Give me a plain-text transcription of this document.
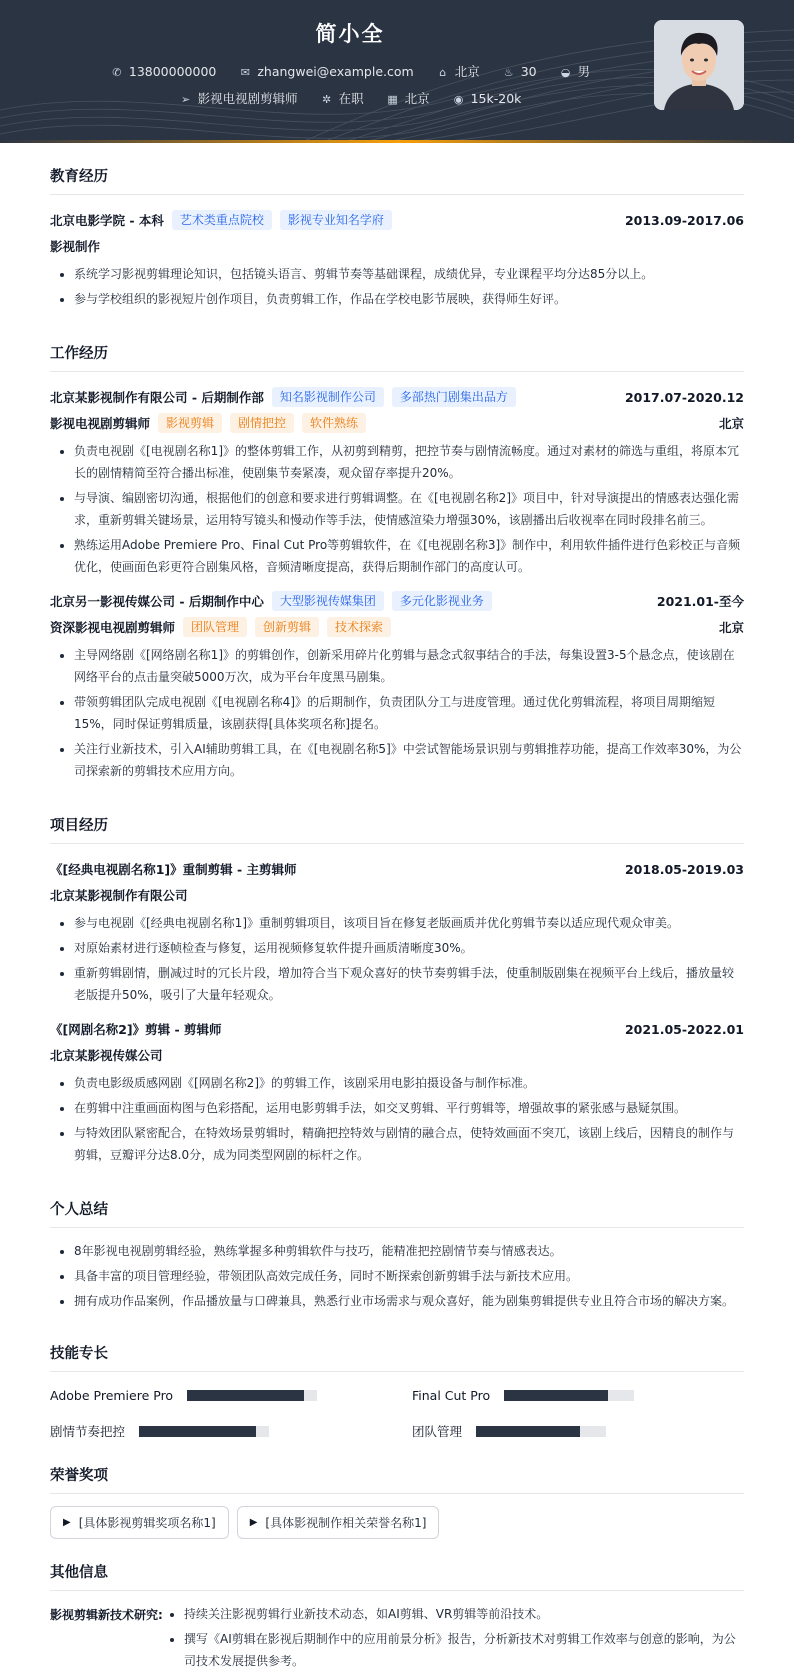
简小全
✆ 13800000000 ✉ zhangwei@example.com ⌂ 北京 ♨ 30 ◒ 男
➢ 影视电视剧剪辑师 ✲ 在职 ▦ 北京 ◉ 15k-20k
教育经历
北京电影学院 - 本科	艺术类重点院校	影视专业知名学府	2013.09-2017.06
影视制作
• 系统学习影视剪辑理论知识，包括镜头语言、剪辑节奏等基础课程，成绩优异，专业课程平均分达85分以上。
• 参与学校组织的影视短片创作项目，负责剪辑工作，作品在学校电影节展映，获得师生好评。
工作经历
北京某影视制作有限公司 - 后期制作部	知名影视制作公司	多部热门剧集出品方	2017.07-2020.12
影视电视剧剪辑师	影视剪辑	剧情把控	软件熟练	北京
• 负责电视剧《[电视剧名称1]》的整体剪辑工作，从初剪到精剪，把控节奏与剧情流畅度。通过对素材的筛选与重组，将原本冗长的剧情精简至符合播出标准，使剧集节奏紧凑，观众留存率提升20%。
• 与导演、编剧密切沟通，根据他们的创意和要求进行剪辑调整。在《[电视剧名称2]》项目中，针对导演提出的情感表达强化需求，重新剪辑关键场景，运用特写镜头和慢动作等手法，使情感渲染力增强30%，该剧播出后收视率在同时段排名前三。
• 熟练运用Adobe Premiere Pro、Final Cut Pro等剪辑软件，在《[电视剧名称3]》制作中，利用软件插件进行色彩校正与音频优化，使画面色彩更符合剧集风格，音频清晰度提高，获得后期制作部门的高度认可。
北京另一影视传媒公司 - 后期制作中心	大型影视传媒集团	多元化影视业务	2021.01-至今
资深影视电视剧剪辑师	团队管理	创新剪辑	技术探索	北京
• 主导网络剧《[网络剧名称1]》的剪辑创作，创新采用碎片化剪辑与悬念式叙事结合的手法，每集设置3-5个悬念点，使该剧在网络平台的点击量突破5000万次，成为平台年度黑马剧集。
• 带领剪辑团队完成电视剧《[电视剧名称4]》的后期制作，负责团队分工与进度管理。通过优化剪辑流程，将项目周期缩短15%，同时保证剪辑质量，该剧获得[具体奖项名称]提名。
• 关注行业新技术，引入AI辅助剪辑工具，在《[电视剧名称5]》中尝试智能场景识别与剪辑推荐功能，提高工作效率30%，为公司探索新的剪辑技术应用方向。
项目经历
《[经典电视剧名称1]》重制剪辑 - 主剪辑师	2018.05-2019.03
北京某影视制作有限公司
• 参与电视剧《[经典电视剧名称1]》重制剪辑项目，该项目旨在修复老版画质并优化剪辑节奏以适应现代观众审美。
• 对原始素材进行逐帧检查与修复，运用视频修复软件提升画质清晰度30%。
• 重新剪辑剧情，删减过时的冗长片段，增加符合当下观众喜好的快节奏剪辑手法，使重制版剧集在视频平台上线后，播放量较老版提升50%，吸引了大量年轻观众。
《[网剧名称2]》剪辑 - 剪辑师	2021.05-2022.01
北京某影视传媒公司
• 负责电影级质感网剧《[网剧名称2]》的剪辑工作，该剧采用电影拍摄设备与制作标准。
• 在剪辑中注重画面构图与色彩搭配，运用电影剪辑手法，如交叉剪辑、平行剪辑等，增强故事的紧张感与悬疑氛围。
• 与特效团队紧密配合，在特效场景剪辑时，精确把控特效与剧情的融合点，使特效画面不突兀，该剧上线后，因精良的制作与剪辑，豆瓣评分达8.0分，成为同类型网剧的标杆之作。
个人总结
• 8年影视电视剧剪辑经验，熟练掌握多种剪辑软件与技巧，能精准把控剧情节奏与情感表达。
• 具备丰富的项目管理经验，带领团队高效完成任务，同时不断探索创新剪辑手法与新技术应用。
• 拥有成功作品案例，作品播放量与口碑兼具，熟悉行业市场需求与观众喜好，能为剧集剪辑提供专业且符合市场的解决方案。
技能专长
Adobe Premiere Pro	Final Cut Pro
剧情节奏把控	团队管理
荣誉奖项
▶ [具体影视剪辑奖项名称1]	▶ [具体影视制作相关荣誉名称1]
其他信息
影视剪辑新技术研究:
•	持续关注影视剪辑行业新技术动态，如AI剪辑、VR剪辑等前沿技术。
• 撰写《AI剪辑在影视后期制作中的应用前景分析》报告，分析新技术对剪辑工作效率与创意的影响，为公司技术发展提供参考。
